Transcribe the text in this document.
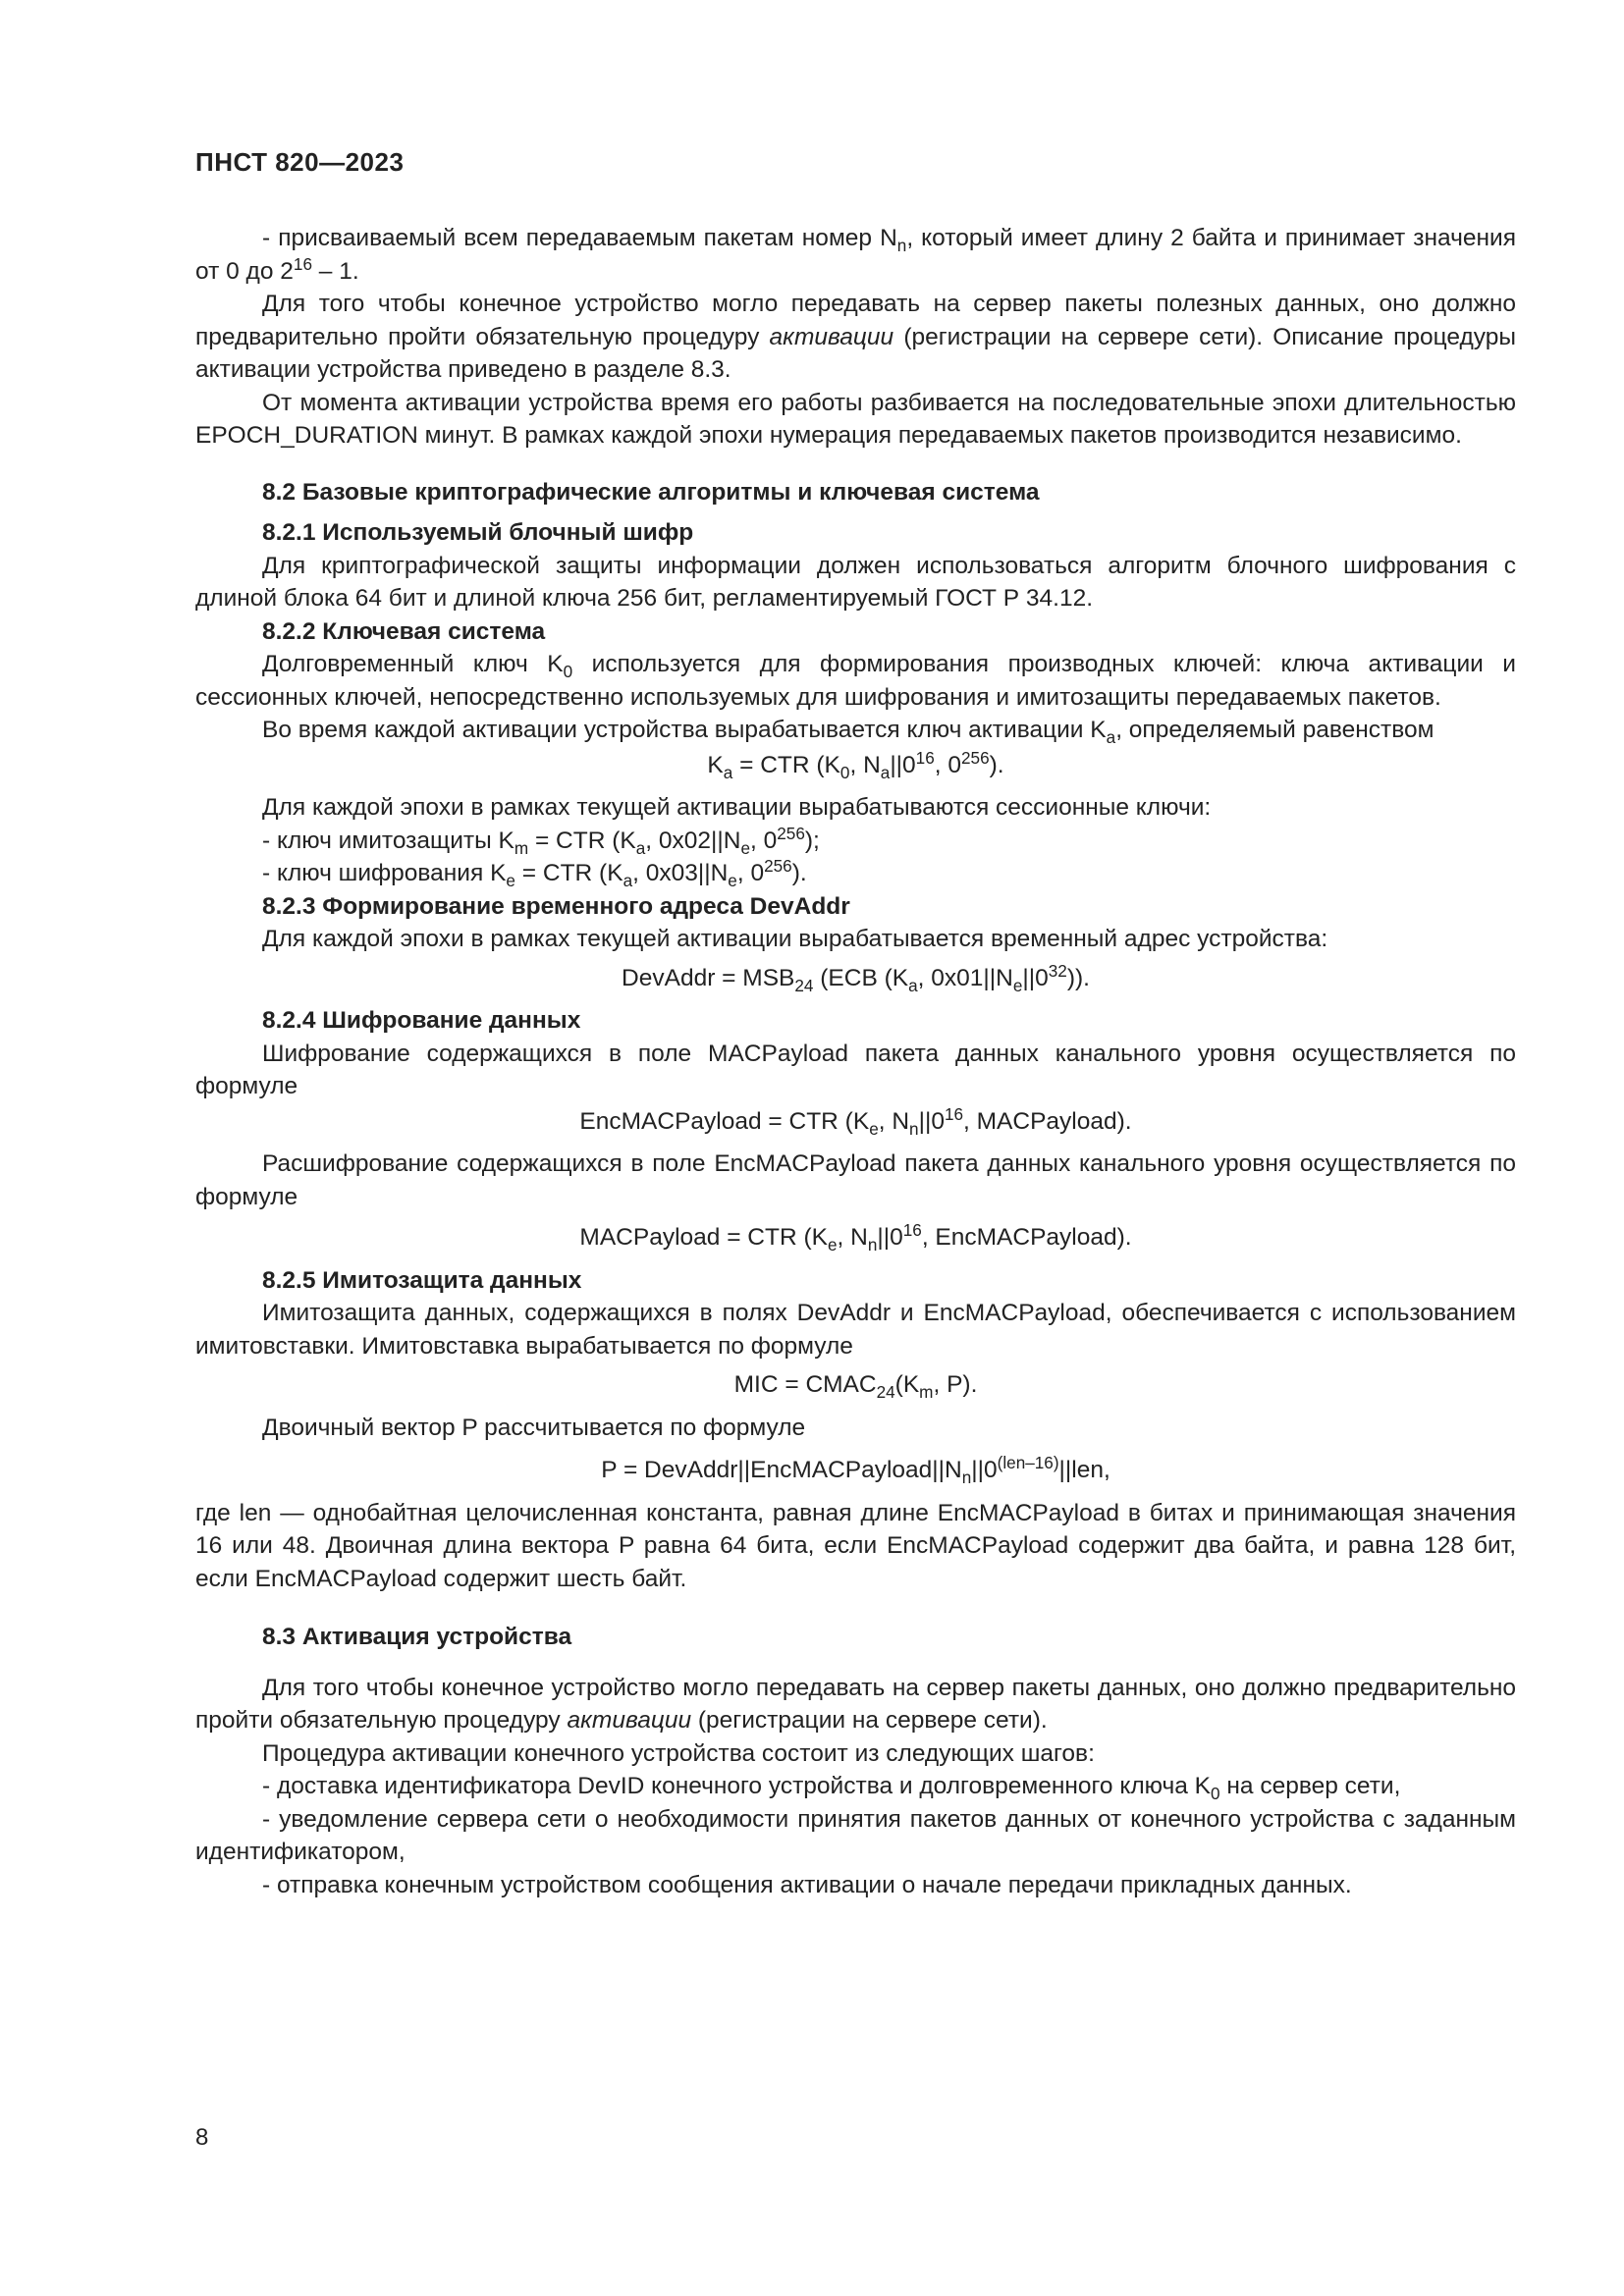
ПНСТ 820—2023

- присваиваемый всем передаваемым пакетам номер $N_n$, который имеет длину 2 байта и принимает значения от 0 до $2^{16} - 1$.

Для того чтобы конечное устройство могло передавать на сервер пакеты полезных данных, оно должно предварительно пройти обязательную процедуру активации (регистрации на сервере сети). Описание процедуры активации устройства приведено в разделе 8.3.

От момента активации устройства время его работы разбивается на последовательные эпохи длительностью EPOCH_DURATION минут. В рамках каждой эпохи нумерация передаваемых пакетов производится независимо.

8.2 Базовые криптографические алгоритмы и ключевая система

8.2.1 Используемый блочный шифр

Для криптографической защиты информации должен использоваться алгоритм блочного шифрования с длиной блока 64 бит и длиной ключа 256 бит, регламентируемый ГОСТ Р 34.12.

8.2.2 Ключевая система

Долговременный ключ $K_0$ используется для формирования производных ключей: ключа активации и сессионных ключей, непосредственно используемых для шифрования и имитозащиты передаваемых пакетов.

Во время каждой активации устройства вырабатывается ключ активации $K_a$, определяемый равенством

$K_a$ = CTR ($K_0$, $N_a||0^{16}$, $0^{256}$).

Для каждой эпохи в рамках текущей активации вырабатываются сессионные ключи:

- ключ имитозащиты $K_m$ = CTR ($K_a$, $0x02||N_e$, $0^{256}$);

- ключ шифрования $K_e$ = CTR ($K_a$, $0x03||N_e$, $0^{256}$).

8.2.3 Формирование временного адреса DevAddr

Для каждой эпохи в рамках текущей активации вырабатывается временный адрес устройства:

DevAddr = $MSB_{24}$ (ECB ($K_a$, $0x01||N_e||0^{32}$)).

8.2.4 Шифрование данных

Шифрование содержащихся в поле MACPayload пакета данных канального уровня осуществляется по формуле

EncMACPayload = CTR ($K_e$, $N_n||0^{16}$, MACPayload).

Расшифрование содержащихся в поле EncMACPayload пакета данных канального уровня осуществляется по формуле

MACPayload = CTR ($K_e$, $N_n||0^{16}$, EncMACPayload).

8.2.5 Имитозащита данных

Имитозащита данных, содержащихся в полях DevAddr и EncMACPayload, обеспечивается с использованием имитовставки. Имитовставка вырабатывается по формуле

MIC = $CMAC_{24}(K_m$, P).

Двоичный вектор P рассчитывается по формуле

$P = DevAddr||EncMACPayload||N_n||0^{(len-16)}||len$,

где len — однобайтная целочисленная константа, равная длине EncMACPayload в битах и принимающая значения 16 или 48. Двоичная длина вектора P равна 64 бита, если EncMACPayload содержит два байта, и равна 128 бит, если EncMACPayload содержит шесть байт.

8.3 Активация устройства

Для того чтобы конечное устройство могло передавать на сервер пакеты данных, оно должно предварительно пройти обязательную процедуру активации (регистрации на сервере сети).

Процедура активации конечного устройства состоит из следующих шагов:

- доставка идентификатора DevID конечного устройства и долговременного ключа $K_0$ на сервер сети,

- уведомление сервера сети о необходимости принятия пакетов данных от конечного устройства с заданным идентификатором,

- отправка конечным устройством сообщения активации о начале передачи прикладных данных.

8
